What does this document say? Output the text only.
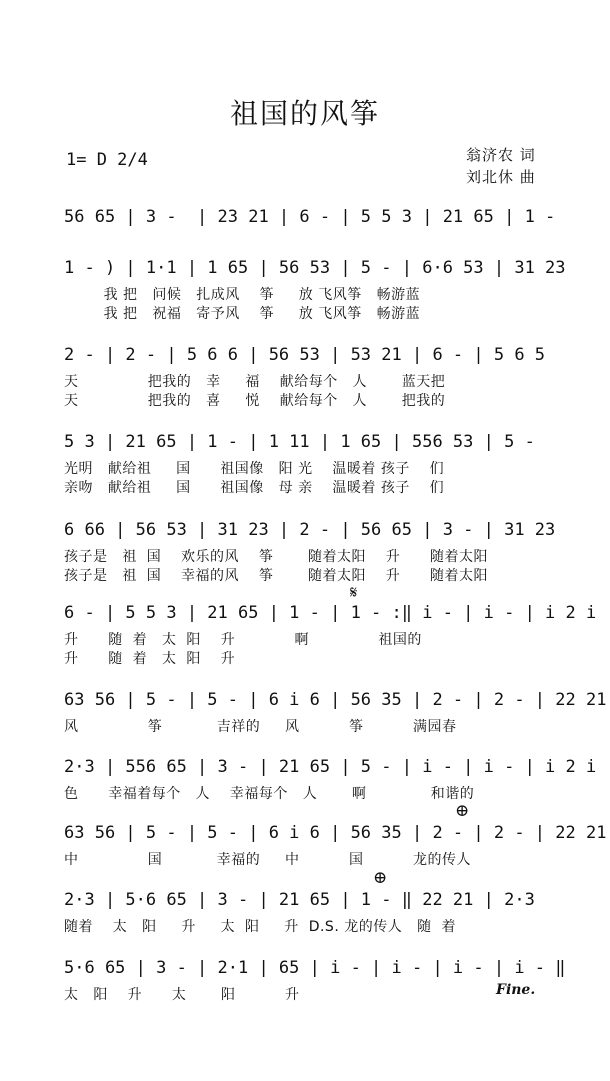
祖国的风筝
1= D 2/4	翁济农 词
刘北休 曲
56 65 | 3 -  | 23 21 | 6 - | 5 5 3 | 21 65 | 1 -
1 - ) | 1·1 | 1 65 | 56 53 | 5 - | 6·6 53 | 31 23
我 把   问候   扎成风    筝     放 飞风筝   畅游蓝
我 把   祝福   寄予风    筝     放 飞风筝   畅游蓝
2 - | 2 - | 5 6 6 | 56 53 | 53 21 | 6 - | 5 6 5
天              把我的   幸     福    献给每个   人       蓝天把
天              把我的   喜     悦    献给每个   人       把我的
5 3 | 21 65 | 1 - | 1 11 | 1 65 | 556 53 | 5 -
光明   献给祖     国      祖国像   阳 光    温暖着 孩子    们
亲吻   献给祖     国      祖国像   母 亲    温暖着 孩子    们
6 66 | 56 53 | 31 23 | 2 - | 56 65 | 3 - | 31 23
孩子是   祖  国    欢乐的风    筝       随着太阳    升      随着太阳
孩子是   祖  国    幸福的风    筝       随着太阳    升      随着太阳
𝄋
6 - | 5 5 3 | 21 65 | 1 - | 1 - :‖ i - | i - | i 2 i
升      随  着   太  阳    升            啊              祖国的
升      随  着   太  阳    升
63 56 | 5 - | 5 - | 6 i 6 | 56 35 | 2 - | 2 - | 22 21
风              筝           吉祥的     风          筝          满园春
2·3 | 556 65 | 3 - | 21 65 | 5 - | i - | i - | i 2 i
色      幸福着每个   人    幸福每个   人       啊             和谐的
⊕
63 56 | 5 - | 5 - | 6 i 6 | 56 35 | 2 - | 2 - | 22 21
中              国           幸福的     中          国          龙的传人
⊕
2·3 | 5·6 65 | 3 - | 21 65 | 1 - ‖ 22 21 | 2·3
随着    太   阳     升     太  阳     升  D.S. 龙的传人   随  着
5·6 65 | 3 - | 2·1 | 65 | i - | i - | i - | i - ‖
太   阳    升      太       阳          升	Fine.
